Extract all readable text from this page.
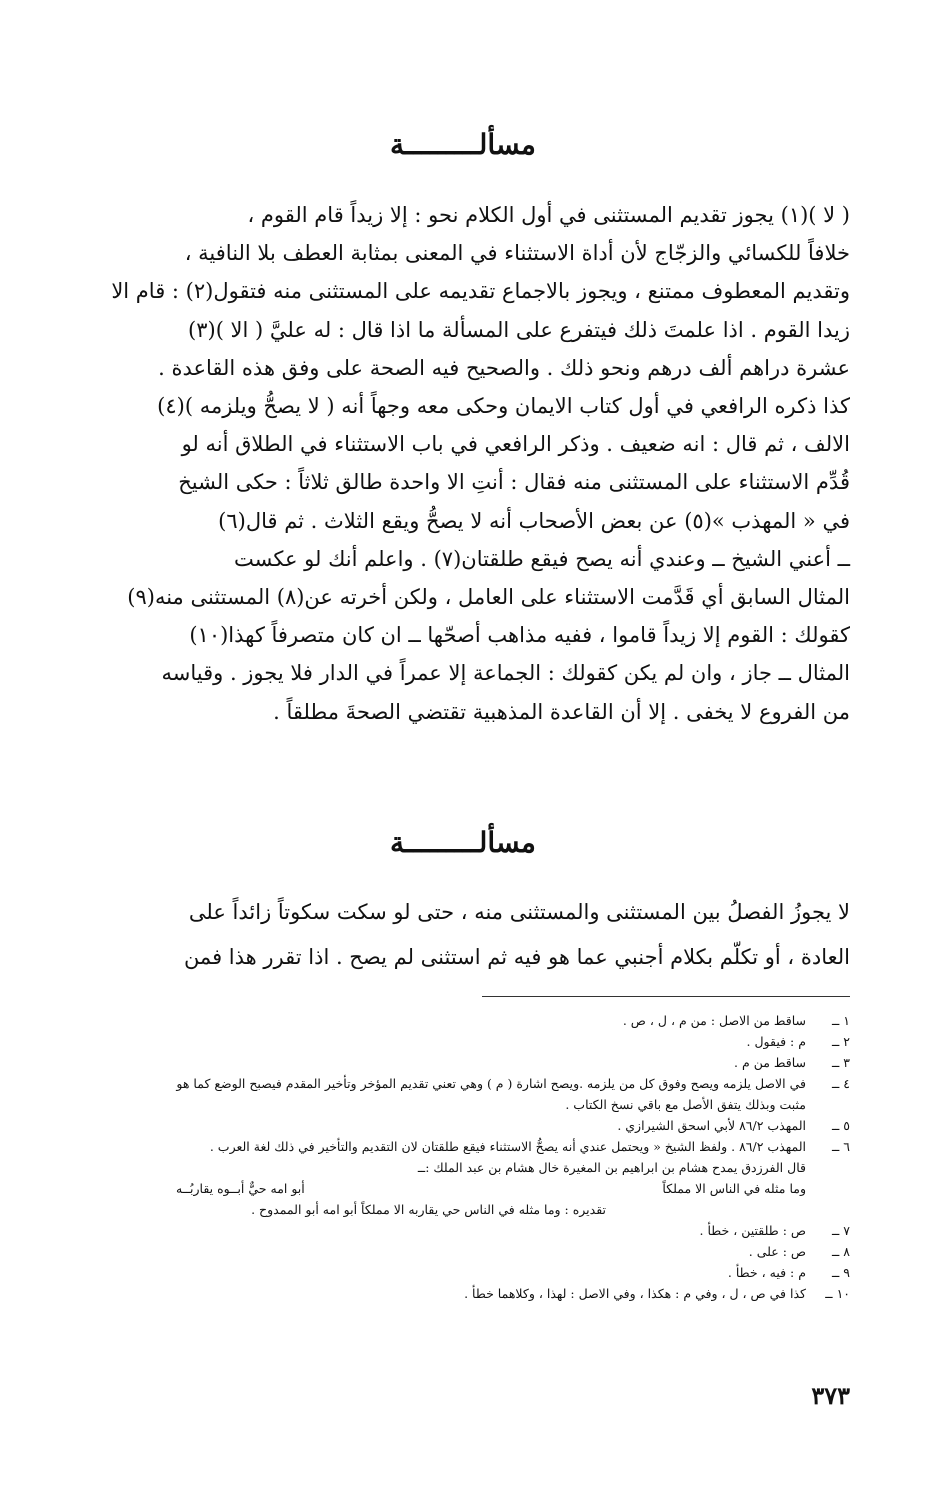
مسألـــــــــة

( لا )(١) يجوز تقديم المستثنى في أول الكلام نحو : إلا زيداً قام القوم ،
خلافاً للكسائي والزجّاج لأن أداة الاستثناء في المعنى بمثابة العطف بلا النافية ،
وتقديم المعطوف ممتنع ، ويجوز بالاجماع تقديمه على المستثنى منه فتقول(٢) : قام الا
زيدا القوم . اذا علمتَ ذلك فيتفرع على المسألة ما اذا قال : له عليَّ ( الا )(٣)
عشرة دراهم ألف درهم ونحو ذلك . والصحيح فيه الصحة على وفق هذه القاعدة .
كذا ذكره الرافعي في أول كتاب الايمان وحكى معه وجهاً أنه ( لا يصحُّ ويلزمه )(٤)
الالف ، ثم قال : انه ضعيف . وذكر الرافعي في باب الاستثناء في الطلاق أنه لو
قُدِّم الاستثناء على المستثنى منه فقال : أنتِ الا واحدة طالق ثلاثاً : حكى الشيخ
في « المهذب »(٥) عن بعض الأصحاب أنه لا يصحُّ ويقع الثلاث . ثم قال(٦)
ــ أعني الشيخ ــ وعندي أنه يصح فيقع طلقتان(٧) . واعلم أنك لو عكست
المثال السابق أي قَدَّمت الاستثناء على العامل ، ولكن أخرته عن(٨) المستثنى منه(٩)
كقولك : القوم إلا زيداً قاموا ، ففيه مذاهب أصحّها ــ ان كان متصرفاً كهذا(١٠)
المثال ــ جاز ، وان لم يكن كقولك : الجماعة إلا عمراً في الدار فلا يجوز . وقياسه
من الفروع لا يخفى . إلا أن القاعدة المذهبية تقتضي الصحةَ مطلقاً .

مسألـــــــــة

لا يجوزُ الفصلُ بين المستثنى والمستثنى منه ، حتى لو سكت سكوتاً زائداً على
العادة ، أو تكلّم بكلام أجنبي عما هو فيه ثم استثنى لم يصح . اذا تقرر هذا فمن

١ ــ
ساقط من الاصل : من م ، ل ، ص .
٢ ــ
م : فيقول .
٣ ــ
ساقط من م .
٤ ــ
في الاصل يلزمه ويصح وفوق كل من يلزمه .ويصح اشارة ( م ) وهي تعني تقديم المؤخر وتأخير المقدم فيصبح الوضع كما هو
مثبت وبذلك يتفق الأصل مع باقي نسخ الكتاب .
٥ ــ
المهذب ٨٦/٢ لأبي اسحق الشيرازي .
٦ ــ
المهذب ٨٦/٢ . ولفظ الشيخ « ويحتمل عندي أنه يصحُّ الاستثناء فيقع طلقتان لان التقديم والتأخير في ذلك لغة العرب .
قال الفرزدق يمدح هشام بن ابراهيم بن المغيرة خال هشام بن عبد الملك :ــ
وما مثله في الناس الا مملكاً
أبو امه حيٌّ أبــوه يقاربُــه
تقديره : وما مثله في الناس حي يقاربه الا مملكاً أبو امه أبو الممدوح .
٧ ــ
ص : طلقتين ، خطأ .
٨ ــ
ص : على .
٩ ــ
م : فيه ، خطأ .
١٠ ــ
كذا في ص ، ل ، وفي م : هكذا ، وفي الاصل : لهذا ، وكلاهما خطأ .
٣٧٣
